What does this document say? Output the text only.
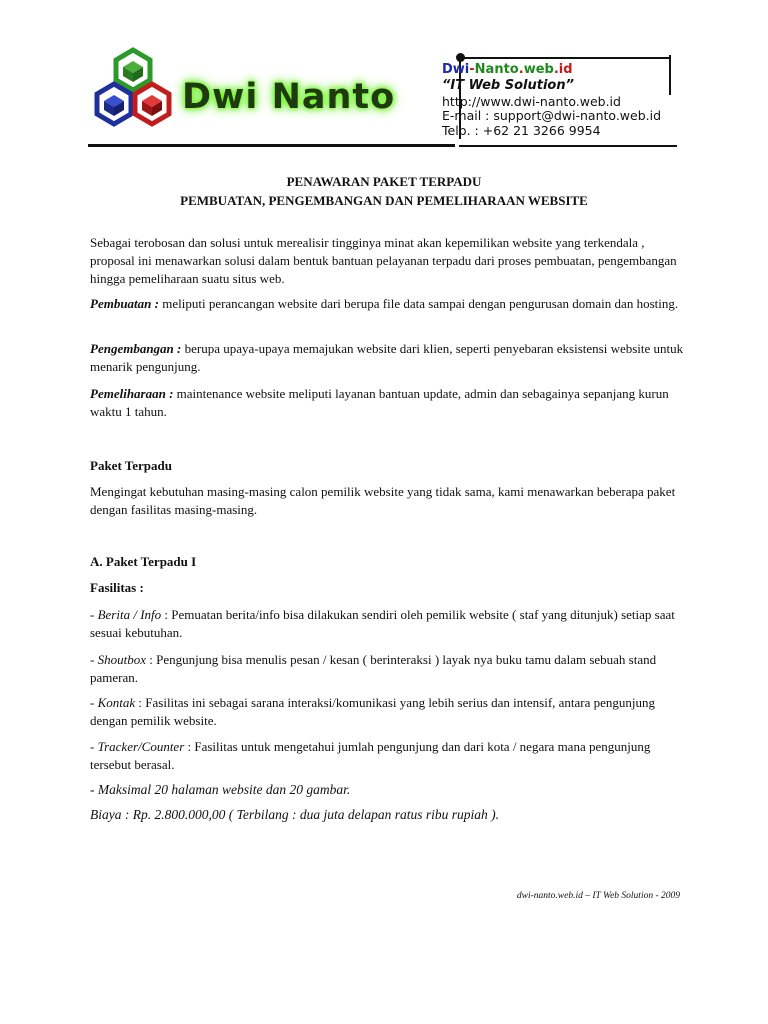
Dwi Nanto
Dwi-Nanto.web.id
“IT Web Solution”
http://www.dwi-nanto.web.id
E-mail : support@dwi-nanto.web.id
Telp. : +62 21 3266 9954
PENAWARAN PAKET TERPADU
PEMBUATAN, PENGEMBANGAN DAN PEMELIHARAAN WEBSITE
Sebagai terobosan dan solusi untuk merealisir tingginya minat akan kepemilikan website yang terkendala , proposal ini menawarkan solusi dalam bentuk bantuan pelayanan terpadu dari proses pembuatan, pengembangan hingga pemeliharaan suatu situs web.
Pembuatan : meliputi perancangan website dari berupa file data sampai dengan pengurusan domain dan hosting.
Pengembangan : berupa upaya-upaya memajukan website dari klien, seperti penyebaran eksistensi website untuk menarik pengunjung.
Pemeliharaan : maintenance website meliputi layanan bantuan update, admin dan sebagainya sepanjang kurun waktu 1 tahun.
Paket Terpadu
Mengingat kebutuhan masing-masing calon pemilik website yang tidak sama, kami menawarkan beberapa paket dengan fasilitas masing-masing.
A. Paket Terpadu I
Fasilitas :
- Berita / Info : Pemuatan berita/info bisa dilakukan sendiri oleh pemilik website ( staf yang ditunjuk) setiap saat sesuai kebutuhan.
- Shoutbox : Pengunjung bisa menulis pesan / kesan ( berinteraksi ) layak nya buku tamu dalam sebuah stand pameran.
- Kontak : Fasilitas ini sebagai sarana interaksi/komunikasi yang lebih serius dan intensif, antara pengunjung dengan pemilik website.
- Tracker/Counter : Fasilitas untuk mengetahui jumlah pengunjung dan dari kota / negara mana pengunjung tersebut berasal.
- Maksimal 20 halaman website dan 20 gambar.
Biaya : Rp. 2.800.000,00 ( Terbilang : dua juta delapan ratus ribu rupiah ).
dwi-nanto.web.id – IT Web Solution - 2009
